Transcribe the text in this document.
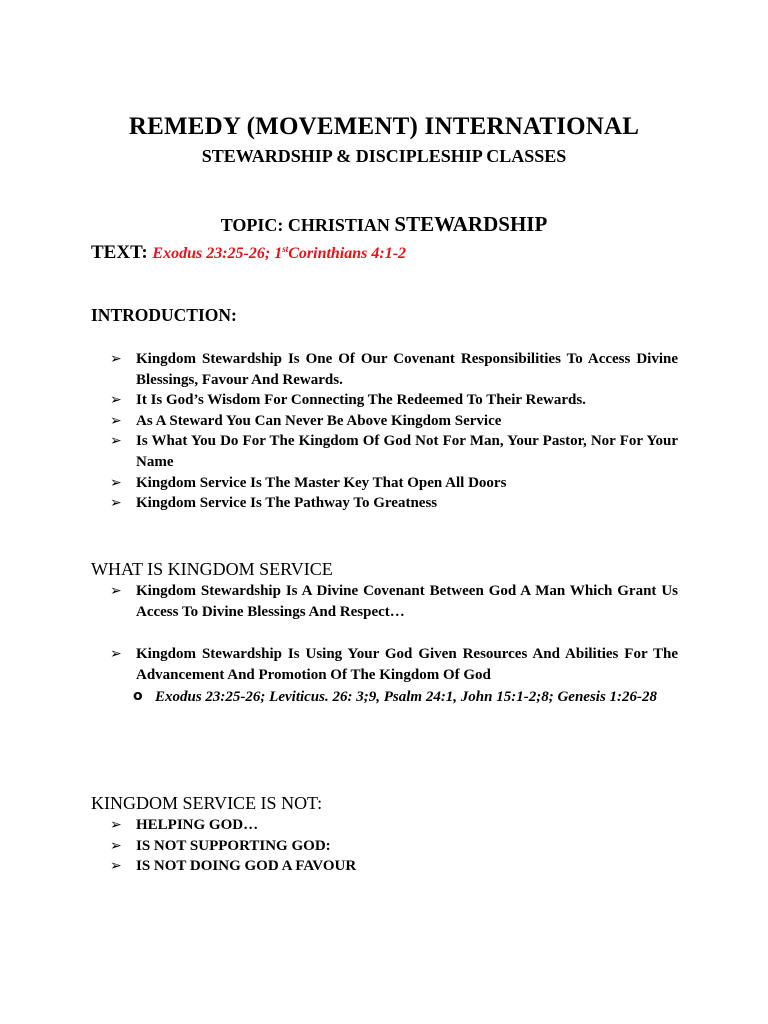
REMEDY (MOVEMENT) INTERNATIONAL
STEWARDSHIP & DISCIPLESHIP CLASSES
TOPIC: CHRISTIAN STEWARDSHIP
TEXT: Exodus 23:25-26; 1stCorinthians 4:1-2
INTRODUCTION:
➢ Kingdom Stewardship Is One Of Our Covenant Responsibilities To Access Divine Blessings, Favour And Rewards.
➢ It Is God’s Wisdom For Connecting The Redeemed To Their Rewards.
➢ As A Steward You Can Never Be Above Kingdom Service
➢ Is What You Do For The Kingdom Of God Not For Man, Your Pastor, Nor For Your Name
➢ Kingdom Service Is The Master Key That Open All Doors
➢ Kingdom Service Is The Pathway To Greatness
WHAT IS KINGDOM SERVICE
➢ Kingdom Stewardship Is A Divine Covenant Between God A Man Which Grant Us Access To Divine Blessings And Respect…
➢ Kingdom Stewardship Is Using Your God Given Resources And Abilities For The Advancement And Promotion Of The Kingdom Of God
o Exodus 23:25-26; Leviticus. 26: 3;9, Psalm 24:1, John 15:1-2;8; Genesis 1:26-28
KINGDOM SERVICE IS NOT:
➢ HELPING GOD…
➢ IS NOT SUPPORTING GOD:
➢ IS NOT DOING GOD A FAVOUR
